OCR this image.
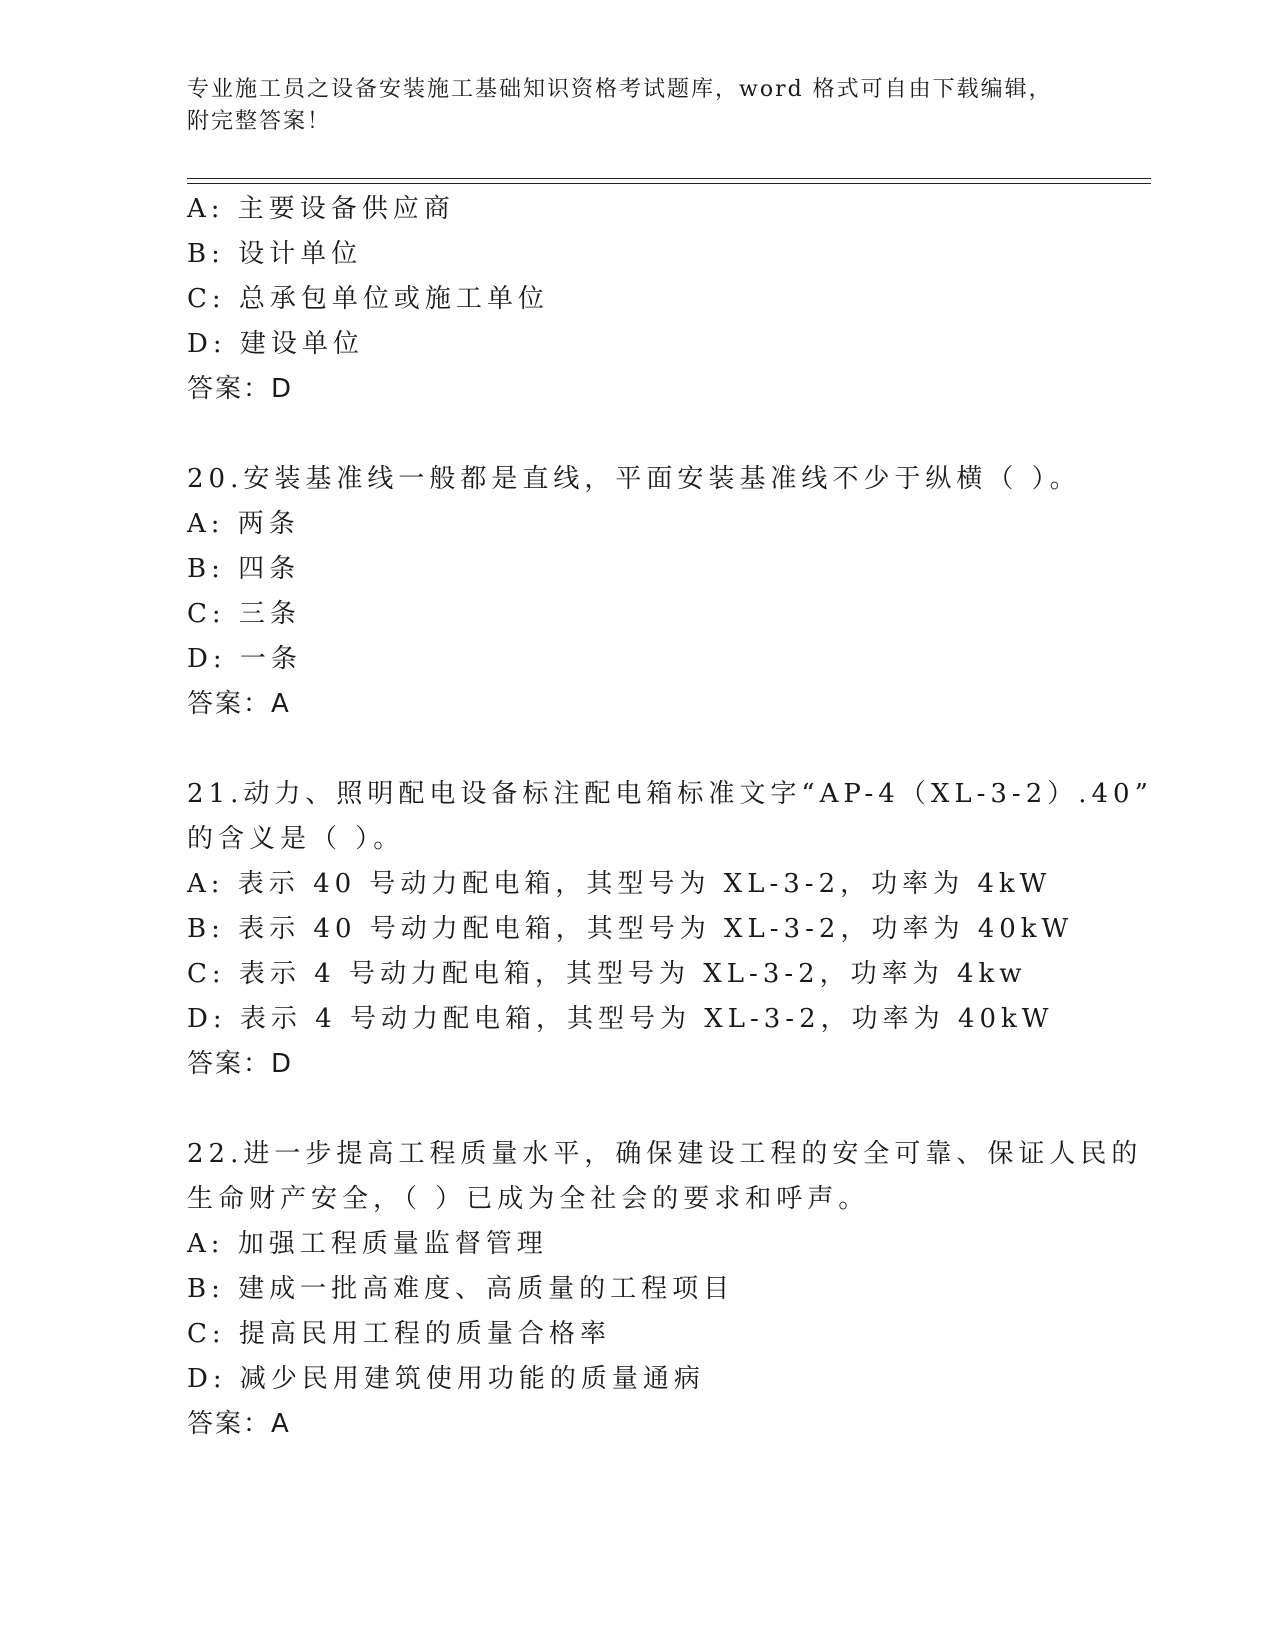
专业施工员之设备安装施工基础知识资格考试题库，word 格式可自由下载编辑，
附完整答案！
A: 主要设备供应商
B: 设计单位
C: 总承包单位或施工单位
D: 建设单位
答案：D
20.安装基准线一般都是直线，平面安装基准线不少于纵横（ ）。
A: 两条
B: 四条
C: 三条
D: 一条
答案：A
21.动力、照明配电设备标注配电箱标准文字“AP-4（XL-3-2）.40”
的含义是（ ）。
A: 表示 40 号动力配电箱，其型号为 XL-3-2，功率为 4kW
B: 表示 40 号动力配电箱，其型号为 XL-3-2，功率为 40kW
C: 表示 4 号动力配电箱，其型号为 XL-3-2，功率为 4kw
D: 表示 4 号动力配电箱，其型号为 XL-3-2，功率为 40kW
答案：D
22.进一步提高工程质量水平，确保建设工程的安全可靠、保证人民的
生命财产安全，（ ）已成为全社会的要求和呼声。
A: 加强工程质量监督管理
B: 建成一批高难度、高质量的工程项目
C: 提高民用工程的质量合格率
D: 减少民用建筑使用功能的质量通病
答案：A
